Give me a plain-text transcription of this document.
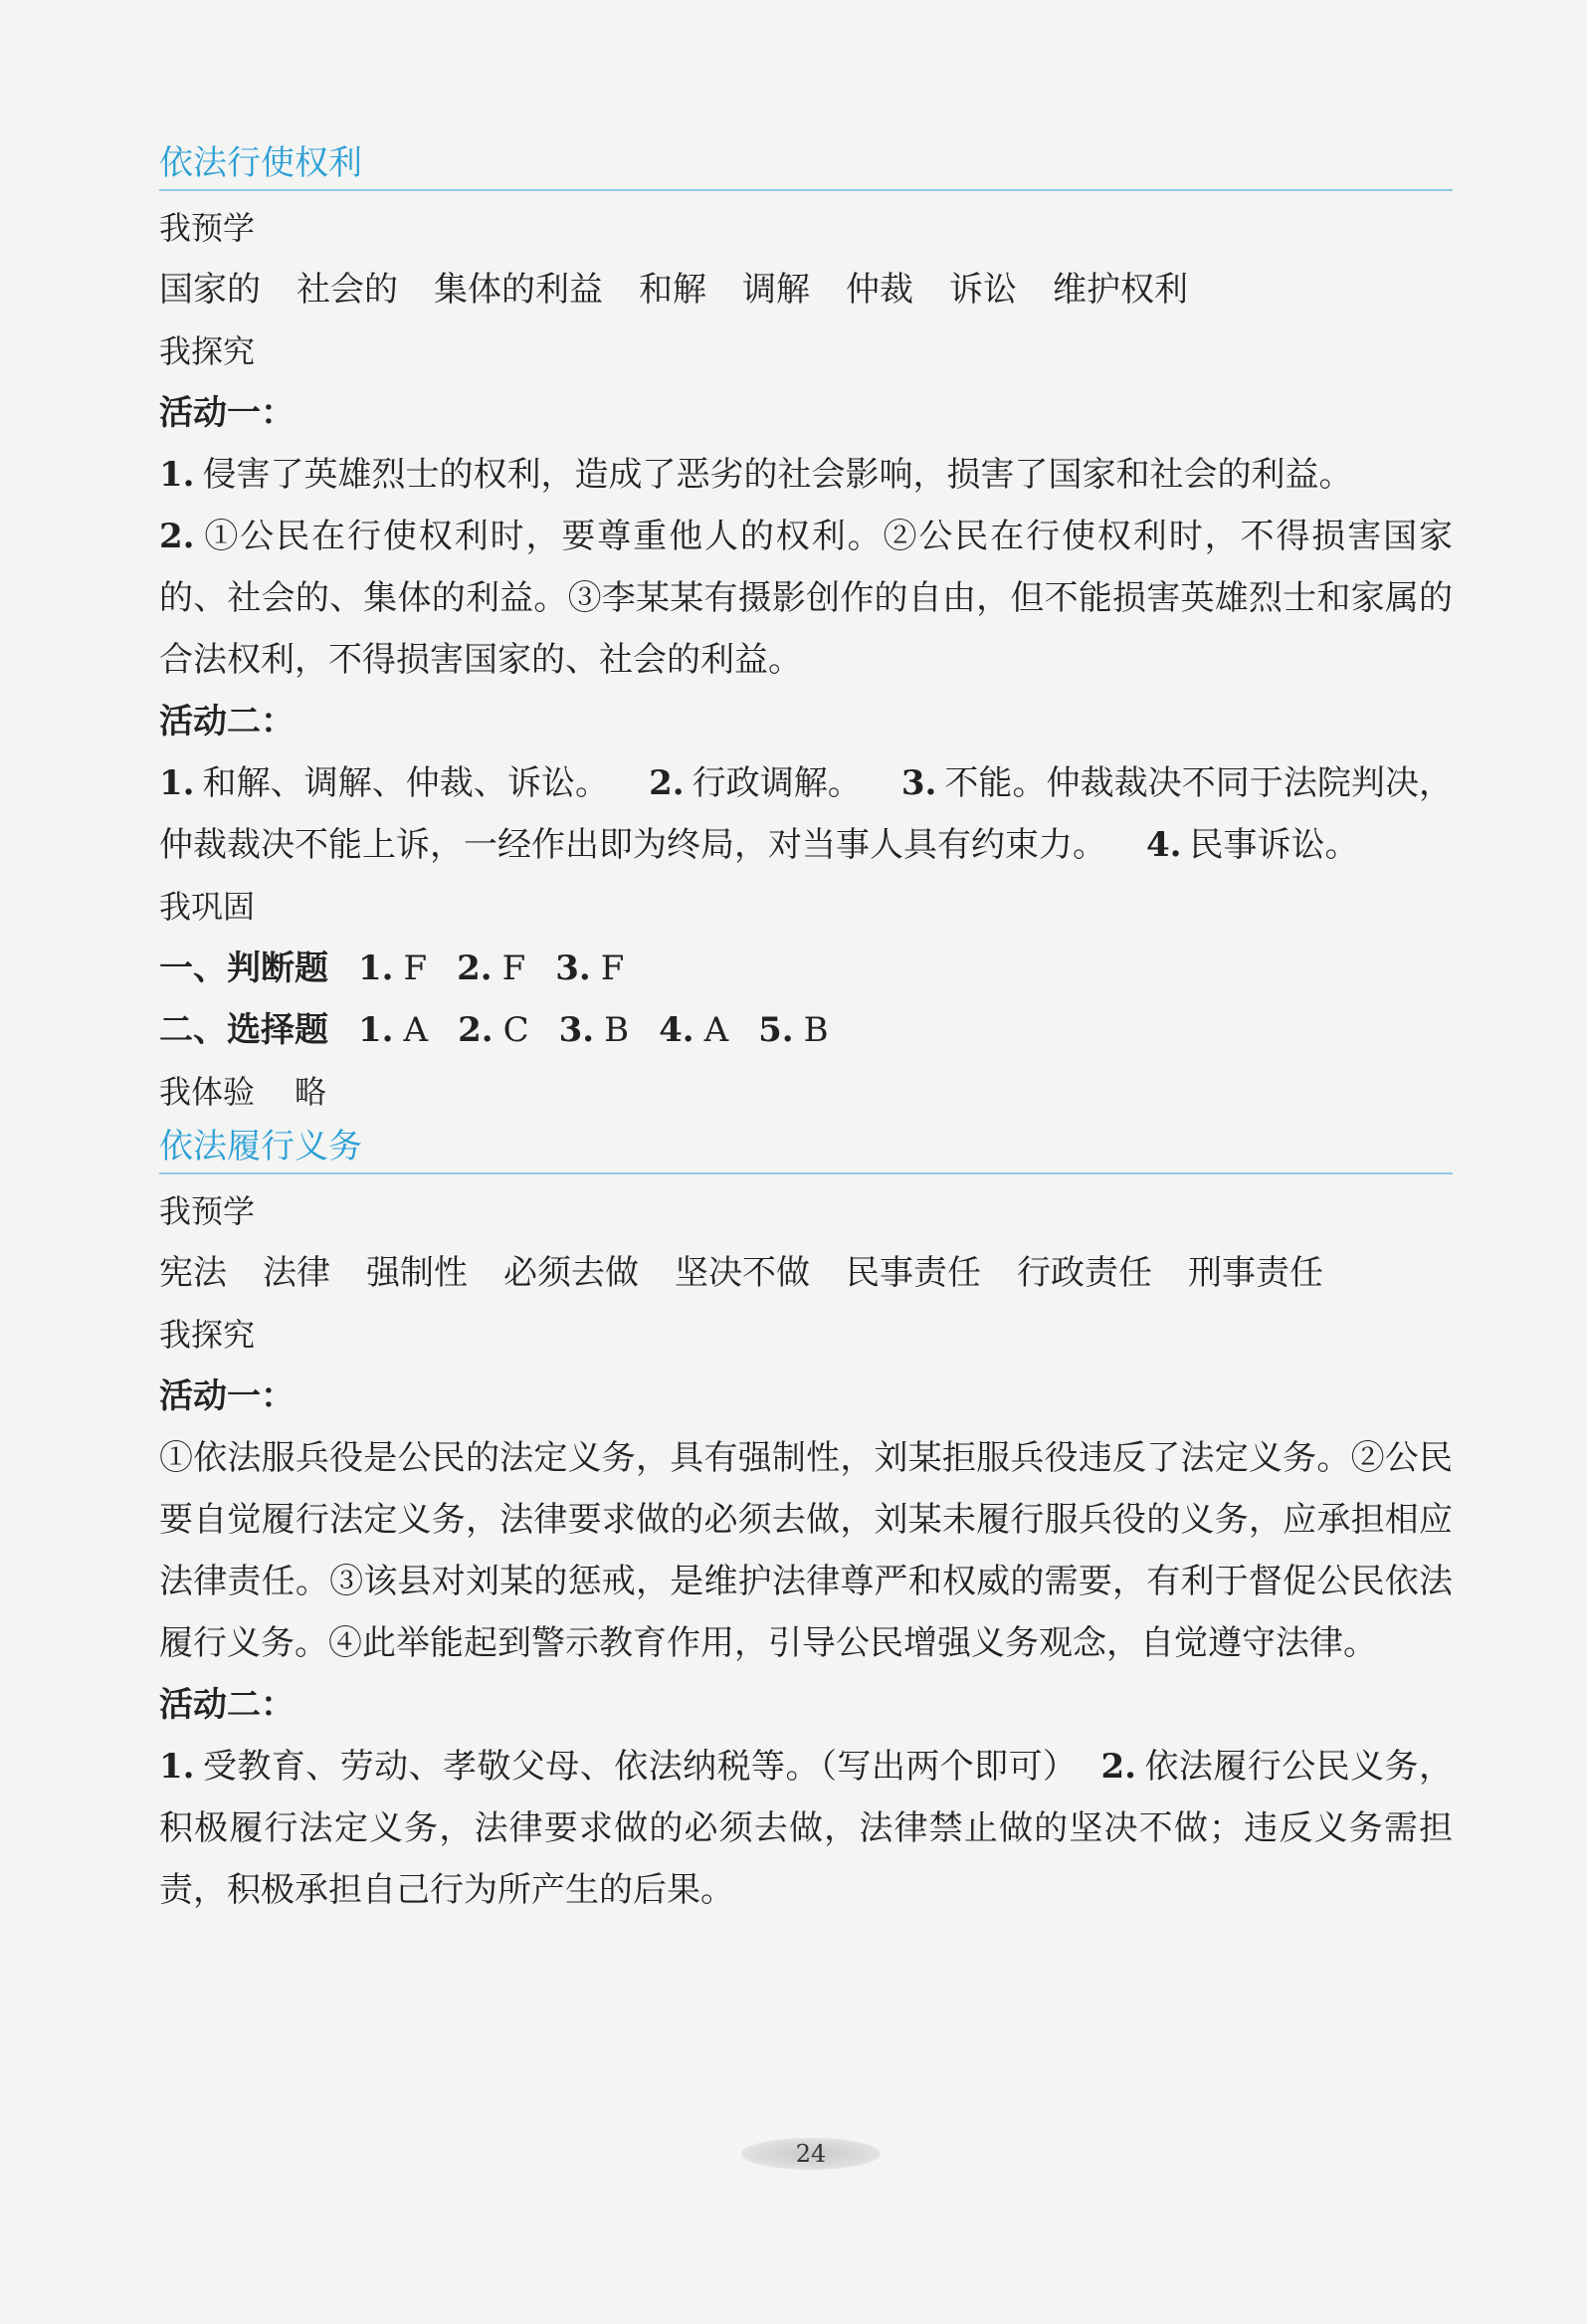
依法行使权利
我预学
国家的 社会的 集体的利益 和解 调解 仲裁 诉讼 维护权利
我探究
活动一：
1. 侵害了英雄烈士的权利，造成了恶劣的社会影响，损害了国家和社会的利益。
2. ①公民在行使权利时，要尊重他人的权利。②公民在行使权利时，不得损害国家的、社会的、集体的利益。③李某某有摄影创作的自由，但不能损害英雄烈士和家属的合法权利，不得损害国家的、社会的利益。
活动二：
1. 和解、调解、仲裁、诉讼。 2. 行政调解。 3. 不能。仲裁裁决不同于法院判决，仲裁裁决不能上诉，一经作出即为终局，对当事人具有约束力。 4. 民事诉讼。
我巩固
一、判断题 1. F 2. F 3. F
二、选择题 1. A 2. C 3. B 4. A 5. B
我体验 略
依法履行义务
我预学
宪法 法律 强制性 必须去做 坚决不做 民事责任 行政责任 刑事责任
我探究
活动一：
①依法服兵役是公民的法定义务，具有强制性，刘某拒服兵役违反了法定义务。②公民要自觉履行法定义务，法律要求做的必须去做，刘某未履行服兵役的义务，应承担相应法律责任。③该县对刘某的惩戒，是维护法律尊严和权威的需要，有利于督促公民依法履行义务。④此举能起到警示教育作用，引导公民增强义务观念，自觉遵守法律。
活动二：
1. 受教育、劳动、孝敬父母、依法纳税等。（写出两个即可） 2. 依法履行公民义务，积极履行法定义务，法律要求做的必须去做，法律禁止做的坚决不做；违反义务需担责，积极承担自己行为所产生的后果。
24
